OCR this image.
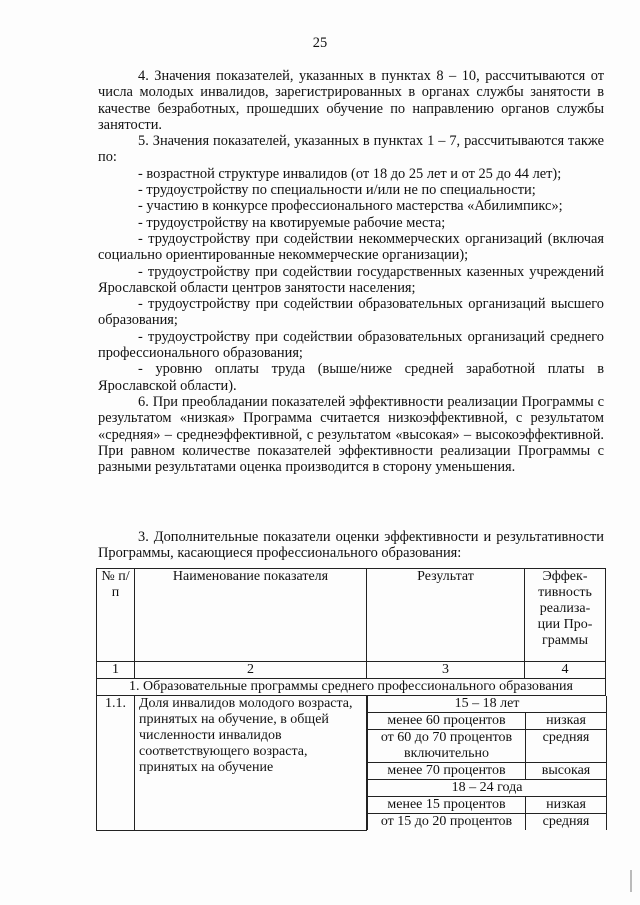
25

4. Значения показателей, указанных в пунктах 8 – 10, рассчитываются от числа молодых инвалидов, зарегистрированных в органах службы занятости в качестве безработных, прошедших обучение по направлению органов службы занятости.

5. Значения показателей, указанных в пунктах 1 – 7, рассчитываются также по:

- возрастной структуре инвалидов (от 18 до 25 лет и от 25 до 44 лет);

- трудоустройству по специальности и/или не по специальности;

- участию в конкурсе профессионального мастерства «Абилимпикс»;

- трудоустройству на квотируемые рабочие места;

- трудоустройству при содействии некоммерческих организаций (включая социально ориентированные некоммерческие организации);

- трудоустройству при содействии государственных казенных учреждений Ярославской области центров занятости населения;

- трудоустройству при содействии образовательных организаций высшего образования;

- трудоустройству при содействии образовательных организаций среднего профессионального образования;

- уровню оплаты труда (выше/ниже средней заработной платы в Ярославской области).

6. При преобладании показателей эффективности реализации Программы с результатом «низкая» Программа считается низкоэффективной, с результатом «средняя» – среднеэффективной, с результатом «высокая» – высокоэффективной. При равном количестве показателей эффективности реализации Программы с разными результатами оценка производится в сторону уменьшения.

3. Дополнительные показатели оценки эффективности и результативности Программы, касающиеся профессионального образования:

№ п/п	Наименование показателя	Результат	Эффек-тивность реализа-ции Про-граммы
1	2	3	4
1. Образовательные программы среднего профессионального образования
1.1.	Доля инвалидов молодого возраста, принятых на обучение, в общей численности инвалидов соответствующего возраста, принятых на обучение	
15 – 18 лет
менее 60 процентов	низкая
от 60 до 70 процентов включительно	средняя
менее 70 процентов	высокая
18 – 24 года
менее 15 процентов	низкая
от 15 до 20 процентов	средняя
